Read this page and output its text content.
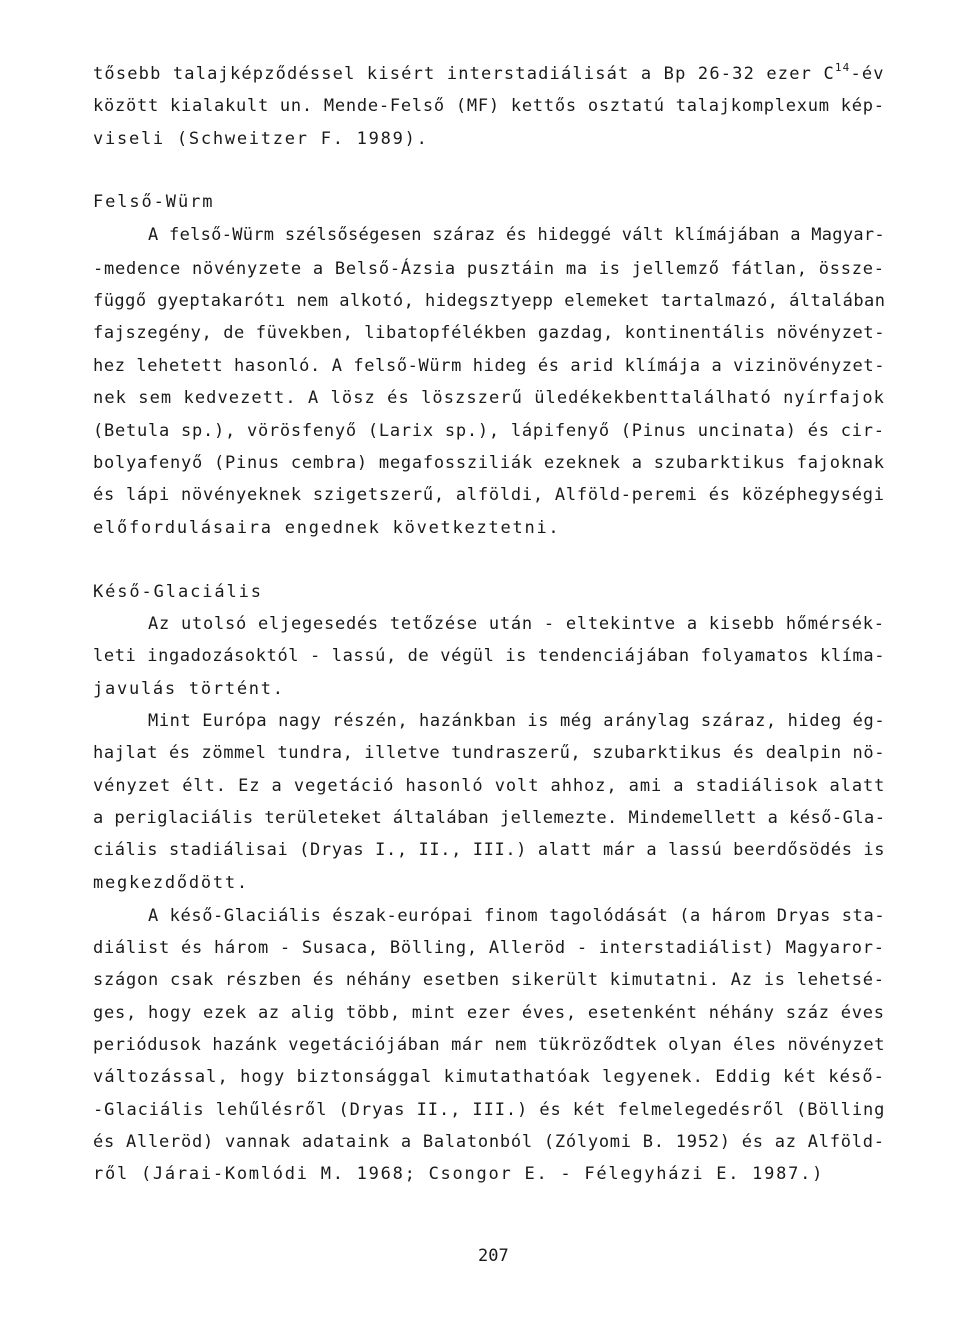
tősebb talajképződéssel kisért interstadiálisát a Bp 26-32 ezer $C^{14}-év$
között kialakult un. Mende-Felső (MF) kettős osztatú talajkomplexum kép-
viseli (Schweitzer F. 1989).
Felső-Würm
A felső-Würm szélsőségesen száraz és hideggé vált klímájában a Magyar-
-medence növényzete a Belső-Ázsia pusztáin ma is jellemző fátlan, össze-
függő gyeptakarótı nem alkotó, hidegsztyepp elemeket tartalmazó, általában
fajszegény, de füvekben, libatopfélékben gazdag, kontinentális növényzet-
hez lehetett hasonló. A felső-Würm hideg és arid klímája a vizinövényzet-
nek sem kedvezett. A lösz és löszszerű üledékekbenttalálható nyírfajok
(Betula sp.), vörösfenyő (Larix sp.), lápifenyő (Pinus uncinata) és cir-
bolyafenyő (Pinus cembra) megafossziliák ezeknek a szubarktikus fajoknak
és lápi növényeknek szigetszerű, alföldi, Alföld-peremi és középhegységi
előfordulásaira engednek következtetni.
Késő-Glaciális
Az utolsó eljegesedés tetőzése után - eltekintve a kisebb hőmérsék-
leti ingadozásoktól - lassú, de végül is tendenciájában folyamatos klíma-
javulás történt.
Mint Európa nagy részén, hazánkban is még aránylag száraz, hideg ég-
hajlat és zömmel tundra, illetve tundraszerű, szubarktikus és dealpin nö-
vényzet élt. Ez a vegetáció hasonló volt ahhoz, ami a stadiálisok alatt
a periglaciális területeket általában jellemezte. Mindemellett a késő-Gla-
ciális stadiálisai (Dryas I., II., III.) alatt már a lassú beerdősödés is
megkezdődött.
A késő-Glaciális észak-európai finom tagolódását (a három Dryas sta-
diálist és három - Susaca, Bölling, Alleröd - interstadiálist) Magyaror-
szágon csak részben és néhány esetben sikerült kimutatni. Az is lehetsé-
ges, hogy ezek az alig több, mint ezer éves, esetenként néhány száz éves
periódusok hazánk vegetációjában már nem tükröződtek olyan éles növényzet
változással, hogy biztonsággal kimutathatóak legyenek. Eddig két késő-
-Glaciális lehűlésről (Dryas II., III.) és két felmelegedésről (Bölling
és Alleröd) vannak adataink a Balatonból (Zólyomi B. 1952) és az Alföld-
ről (Járai-Komlódi M. 1968; Csongor E. - Félegyházi E. 1987.)
207
